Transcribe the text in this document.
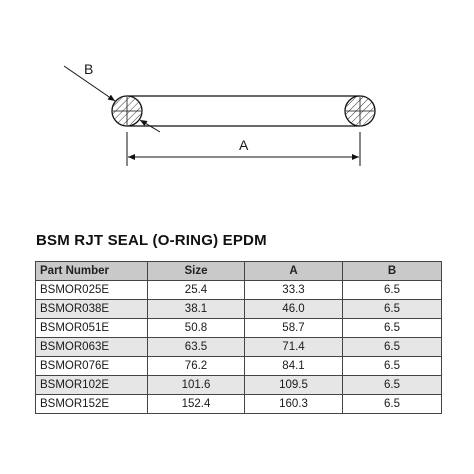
B
A
BSM RJT SEAL (O-RING) EPDM
Part Number	Size	A	B
BSMOR025E	25.4	33.3	6.5
BSMOR038E	38.1	46.0	6.5
BSMOR051E	50.8	58.7	6.5
BSMOR063E	63.5	71.4	6.5
BSMOR076E	76.2	84.1	6.5
BSMOR102E	101.6	109.5	6.5
BSMOR152E	152.4	160.3	6.5
